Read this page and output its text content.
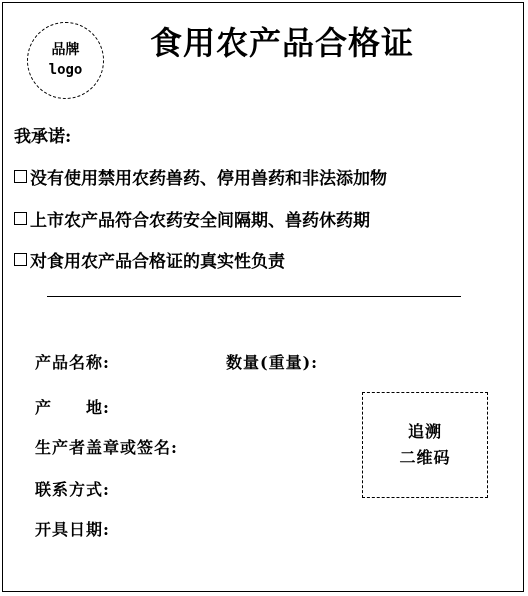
品牌
logo
食用农产品合格证
我承诺:
没有使用禁用农药兽药、停用兽药和非法添加物
上市农产品符合农药安全间隔期、兽药休药期
对食用农产品合格证的真实性负责
产品名称:	数量(重量):
产　　地:
生产者盖章或签名:
联系方式:
开具日期:
追溯
二维码
